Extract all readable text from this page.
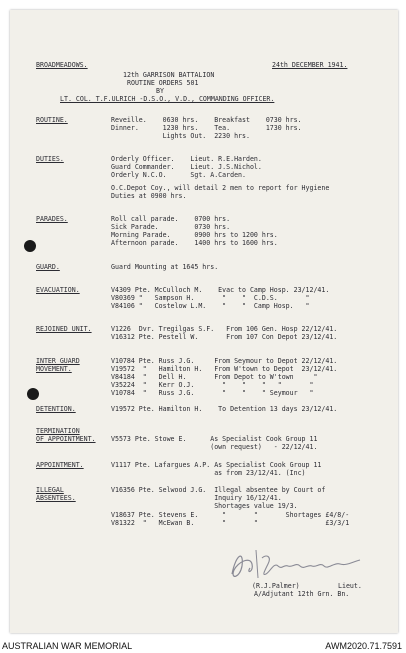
BROADMEADOWS.	24th DECEMBER 1941.
12th GARRISON BATTALION
ROUTINE ORDERS 501
BY
LT. COL. T.F.ULRICH -D.S.O., V.D., COMMANDING OFFICER.
ROUTINE.	Reveille.    0630 hrs.    Breakfast    0730 hrs.
Dinner.      1230 hrs.    Tea.         1730 hrs.
Lights Out.  2230 hrs.
DUTIES.	Orderly Officer.    Lieut. R.E.Harden.
Guard Commander.    Lieut. J.S.Nichol.
Orderly N.C.O.      Sgt. A.Carden.
O.C.Depot Coy., will detail 2 men to report for Hygiene
Duties at 0900 hrs.
PARADES.	Roll call parade.    0700 hrs.
Sick Parade.         0730 hrs.
Morning Parade.      0900 hrs to 1200 hrs.
Afternoon parade.    1400 hrs to 1600 hrs.
GUARD.	Guard Mounting at 1645 hrs.
EVACUATION.	V4309 Pte. McCulloch M.    Evac to Camp Hosp. 23/12/41.
V80369 "   Sampson H.       "    "  C.D.S.       "
V84106 "   Costelow L.M.    "    "  Camp Hosp.   "
REJOINED UNIT.	V1226  Dvr. Tregilgas S.F.   From 106 Gen. Hosp 22/12/41.
V16312 Pte. Pestell W.       From 107 Con Depot 23/12/41.
INTER GUARD
MOVEMENT.
V10784 Pte. Russ J.G.     From Seymour to Depot 22/12/41.
V19572  "   Hamilton H.   From W'town to Depot  23/12/41.
V84184  "   Dell H.       From Depot to W'town     "
V35224  "   Kerr O.J.       "    "    "   "       "
V10784  "   Russ J.G.       "    "    " Seymour   "
DETENTION.	V19572 Pte. Hamilton H.    To Detention 13 days 23/12/41.
TERMINATION
OF APPOINTMENT. V5573 Pte. Stowe E.      As Specialist Cook Group 11
(own request)   - 22/12/41.
APPOINTMENT.	V1117 Pte. Lafargues A.P. As Specialist Cook Group 11
as from 23/12/41. (Inc)
ILLEGAL
ABSENTEES.
V16356 Pte. Selwood J.G.  Illegal absentee by Court of
Inquiry 16/12/41.
Shortages value 19/3.
V18637 Pte. Stevens E.      "       "       Shortages £4/8/-
V81322  "   McEwan B.       "       "                 £3/3/1
(R.J.Palmer)	Lieut.
A/Adjutant 12th Grn. Bn.
AUSTRALIAN WAR MEMORIAL	AWM2020.71.7591
